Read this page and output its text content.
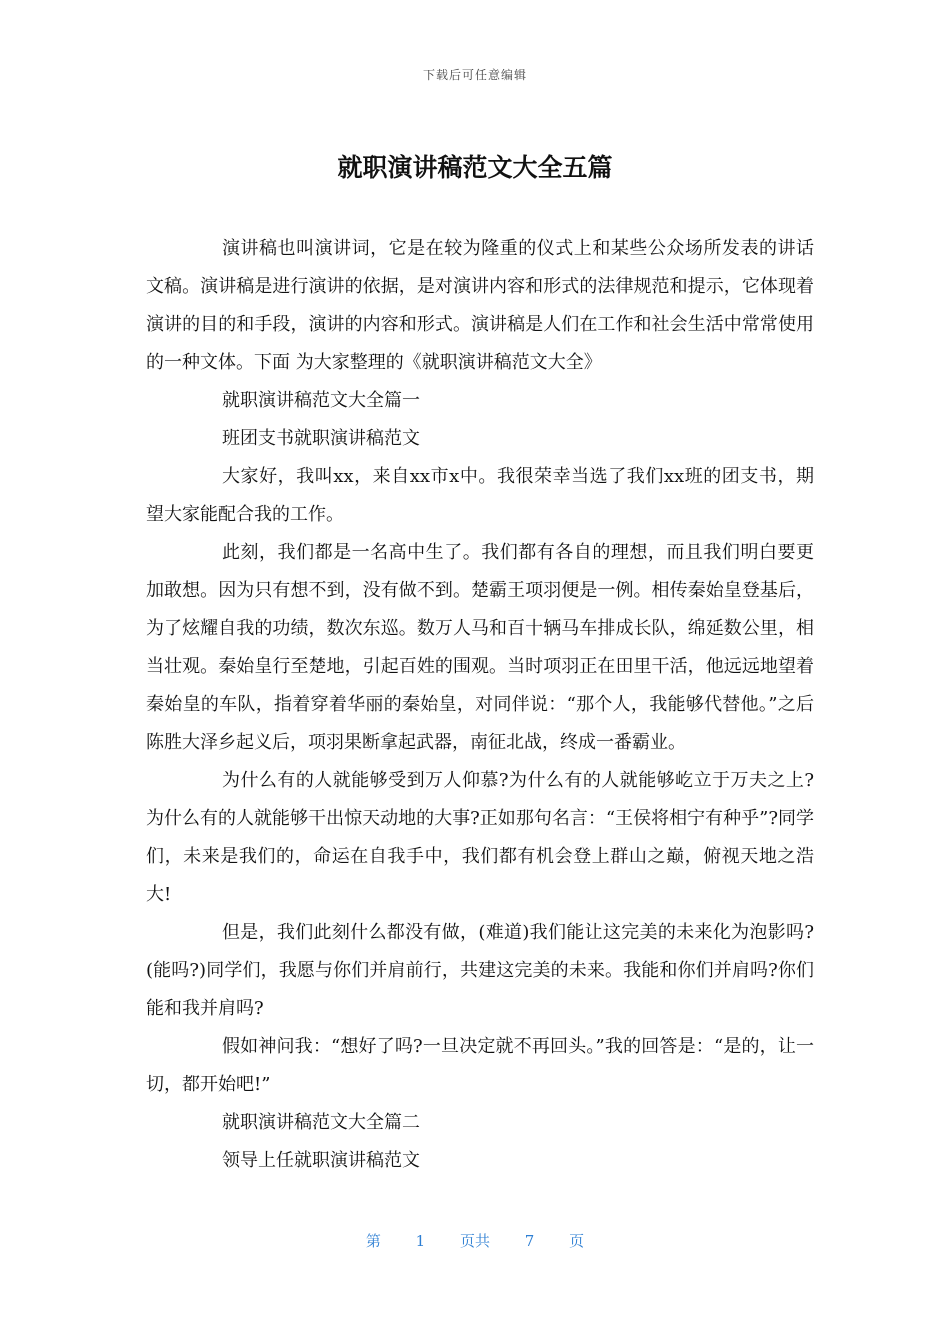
下载后可任意编辑
就职演讲稿范文大全五篇

演讲稿也叫演讲词，它是在较为隆重的仪式上和某些公众场所发表的讲话文稿。演讲稿是进行演讲的依据，是对演讲内容和形式的法律规范和提示，它体现着演讲的目的和手段，演讲的内容和形式。演讲稿是人们在工作和社会生活中常常使用的一种文体。下面 为大家整理的《就职演讲稿范文大全》

就职演讲稿范文大全篇一

班团支书就职演讲稿范文

大家好，我叫xx，来自xx市x中。我很荣幸当选了我们xx班的团支书，期望大家能配合我的工作。

此刻，我们都是一名高中生了。我们都有各自的理想，而且我们明白要更加敢想。因为只有想不到，没有做不到。楚霸王项羽便是一例。相传秦始皇登基后，为了炫耀自我的功绩，数次东巡。数万人马和百十辆马车排成长队，绵延数公里，相当壮观。秦始皇行至楚地，引起百姓的围观。当时项羽正在田里干活，他远远地望着秦始皇的车队，指着穿着华丽的秦始皇，对同伴说：“那个人，我能够代替他。”之后陈胜大泽乡起义后，项羽果断拿起武器，南征北战，终成一番霸业。

为什么有的人就能够受到万人仰慕?为什么有的人就能够屹立于万夫之上?为什么有的人就能够干出惊天动地的大事?正如那句名言：“王侯将相宁有种乎”?同学们，未来是我们的，命运在自我手中，我们都有机会登上群山之巅，俯视天地之浩大!

但是，我们此刻什么都没有做，(难道)我们能让这完美的未来化为泡影吗?(能吗?)同学们，我愿与你们并肩前行，共建这完美的未来。我能和你们并肩吗?你们能和我并肩吗?

假如神问我：“想好了吗?一旦决定就不再回头。”我的回答是：“是的，让一切，都开始吧!”

就职演讲稿范文大全篇二

领导上任就职演讲稿范文

第 1 页共 7 页
